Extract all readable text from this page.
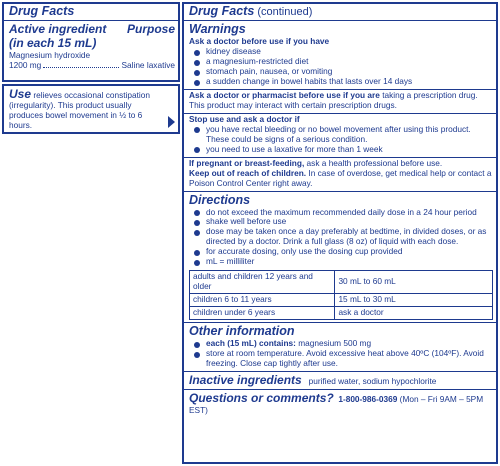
Drug Facts
Active ingredient
(in each 15 mL)
Purpose
Magnesium hydroxide
1200 mg	Saline laxative
Use relieves occasional constipation (irregularity). This product usually produces bowel movement in ½ to 6 hours.
Drug Facts (continued)
Warnings
Ask a doctor before use if you have
kidney disease
a magnesium-restricted diet
stomach pain, nausea, or vomiting
a sudden change in bowel habits that lasts over 14 days
Ask a doctor or pharmacist before use if you are taking a prescription drug. This product may interact with certain prescription drugs.
Stop use and ask a doctor if
you have rectal bleeding or no bowel movement after using this product. These could be signs of a serious condition.
you need to use a laxative for more than 1 week
If pregnant or breast-feeding, ask a health professional before use.
Keep out of reach of children. In case of overdose, get medical help or contact a Poison Control Center right away.
Directions
do not exceed the maximum recommended daily dose in a 24 hour period
shake well before use
dose may be taken once a day preferably at bedtime, in divided doses, or as directed by a doctor. Drink a full glass (8 oz) of liquid with each dose.
for accurate dosing, only use the dosing cup provided
mL = milliliter
adults and children 12 years and older	30 mL to 60 mL
children 6 to 11 years	15 mL to 30 mL
children under 6 years	ask a doctor
Other information
each (15 mL) contains: magnesium 500 mg
store at room temperature. Avoid excessive heat above 40ºC (104ºF). Avoid freezing. Close cap tightly after use.
Inactive ingredients purified water, sodium hypochlorite
Questions or comments? 1-800-986-0369 (Mon – Fri 9AM – 5PM EST)
